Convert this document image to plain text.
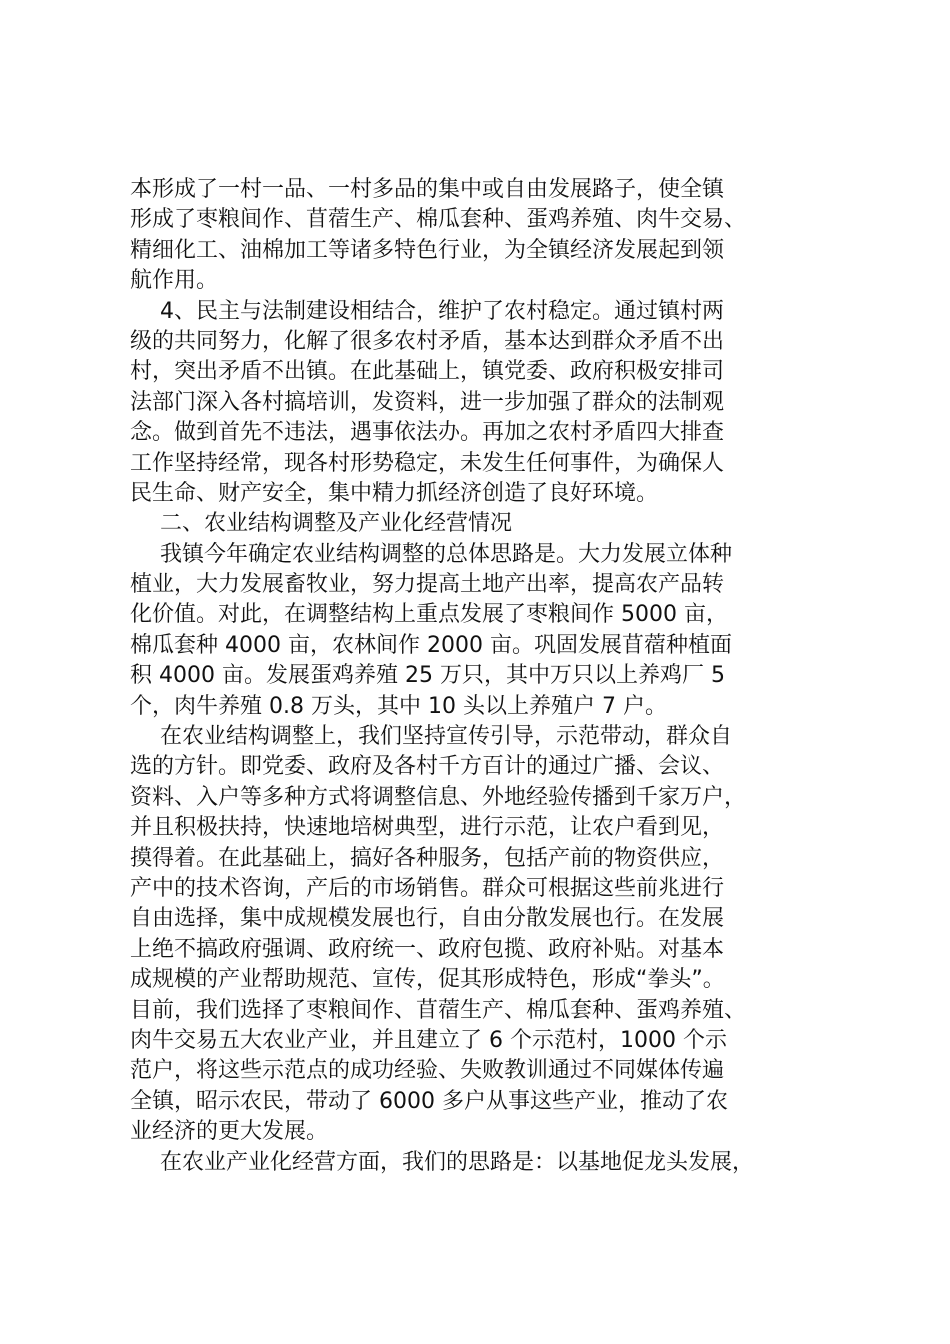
本形成了一村一品、一村多品的集中或自由发展路子，使全镇
形成了枣粮间作、苜蓿生产、棉瓜套种、蛋鸡养殖、肉牛交易、
精细化工、油棉加工等诸多特色行业，为全镇经济发展起到领
航作用。
4、民主与法制建设相结合，维护了农村稳定。通过镇村两
级的共同努力，化解了很多农村矛盾，基本达到群众矛盾不出
村，突出矛盾不出镇。在此基础上，镇党委、政府积极安排司
法部门深入各村搞培训，发资料，进一步加强了群众的法制观
念。做到首先不违法，遇事依法办。再加之农村矛盾四大排查
工作坚持经常，现各村形势稳定，未发生任何事件，为确保人
民生命、财产安全，集中精力抓经济创造了良好环境。
二、农业结构调整及产业化经营情况
我镇今年确定农业结构调整的总体思路是。大力发展立体种
植业，大力发展畜牧业，努力提高土地产出率，提高农产品转
化价值。对此，在调整结构上重点发展了枣粮间作 5000 亩，
棉瓜套种 4000 亩，农林间作 2000 亩。巩固发展苜蓿种植面
积 4000 亩。发展蛋鸡养殖 25 万只，其中万只以上养鸡厂 5
个，肉牛养殖 0.8 万头，其中 10 头以上养殖户 7 户。
在农业结构调整上，我们坚持宣传引导，示范带动，群众自
选的方针。即党委、政府及各村千方百计的通过广播、会议、
资料、入户等多种方式将调整信息、外地经验传播到千家万户，
并且积极扶持，快速地培树典型，进行示范，让农户看到见，
摸得着。在此基础上，搞好各种服务，包括产前的物资供应，
产中的技术咨询，产后的市场销售。群众可根据这些前兆进行
自由选择，集中成规模发展也行，自由分散发展也行。在发展
上绝不搞政府强调、政府统一、政府包揽、政府补贴。对基本
成规模的产业帮助规范、宣传，促其形成特色，形成“拳头”。
目前，我们选择了枣粮间作、苜蓿生产、棉瓜套种、蛋鸡养殖、
肉牛交易五大农业产业，并且建立了 6 个示范村，1000 个示
范户，将这些示范点的成功经验、失败教训通过不同媒体传遍
全镇，昭示农民，带动了 6000 多户从事这些产业，推动了农
业经济的更大发展。
在农业产业化经营方面，我们的思路是：以基地促龙头发展，
